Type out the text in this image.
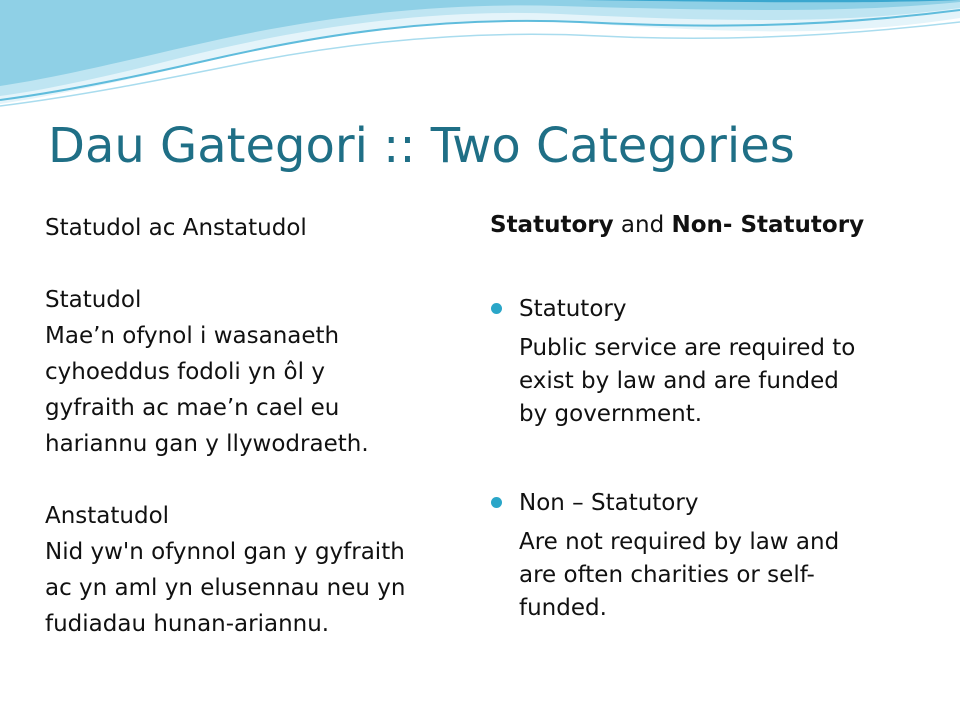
Dau Gategori :: Two Categories

Statudol ac Anstatudol

Statudol

Mae’n ofynol i wasanaeth

cyhoeddus fodoli yn ôl y

gyfraith ac mae’n cael eu

hariannu gan y llywodraeth.

Anstatudol

Nid yw'n ofynnol gan y gyfraith

ac yn aml yn elusennau neu yn

fudiadau hunan-ariannu.

Statutory and Non- Statutory

Statutory
Public service are required to
exist by law and are funded
by government.
Non – Statutory
Are not required by law and
are often charities or self-
funded.
